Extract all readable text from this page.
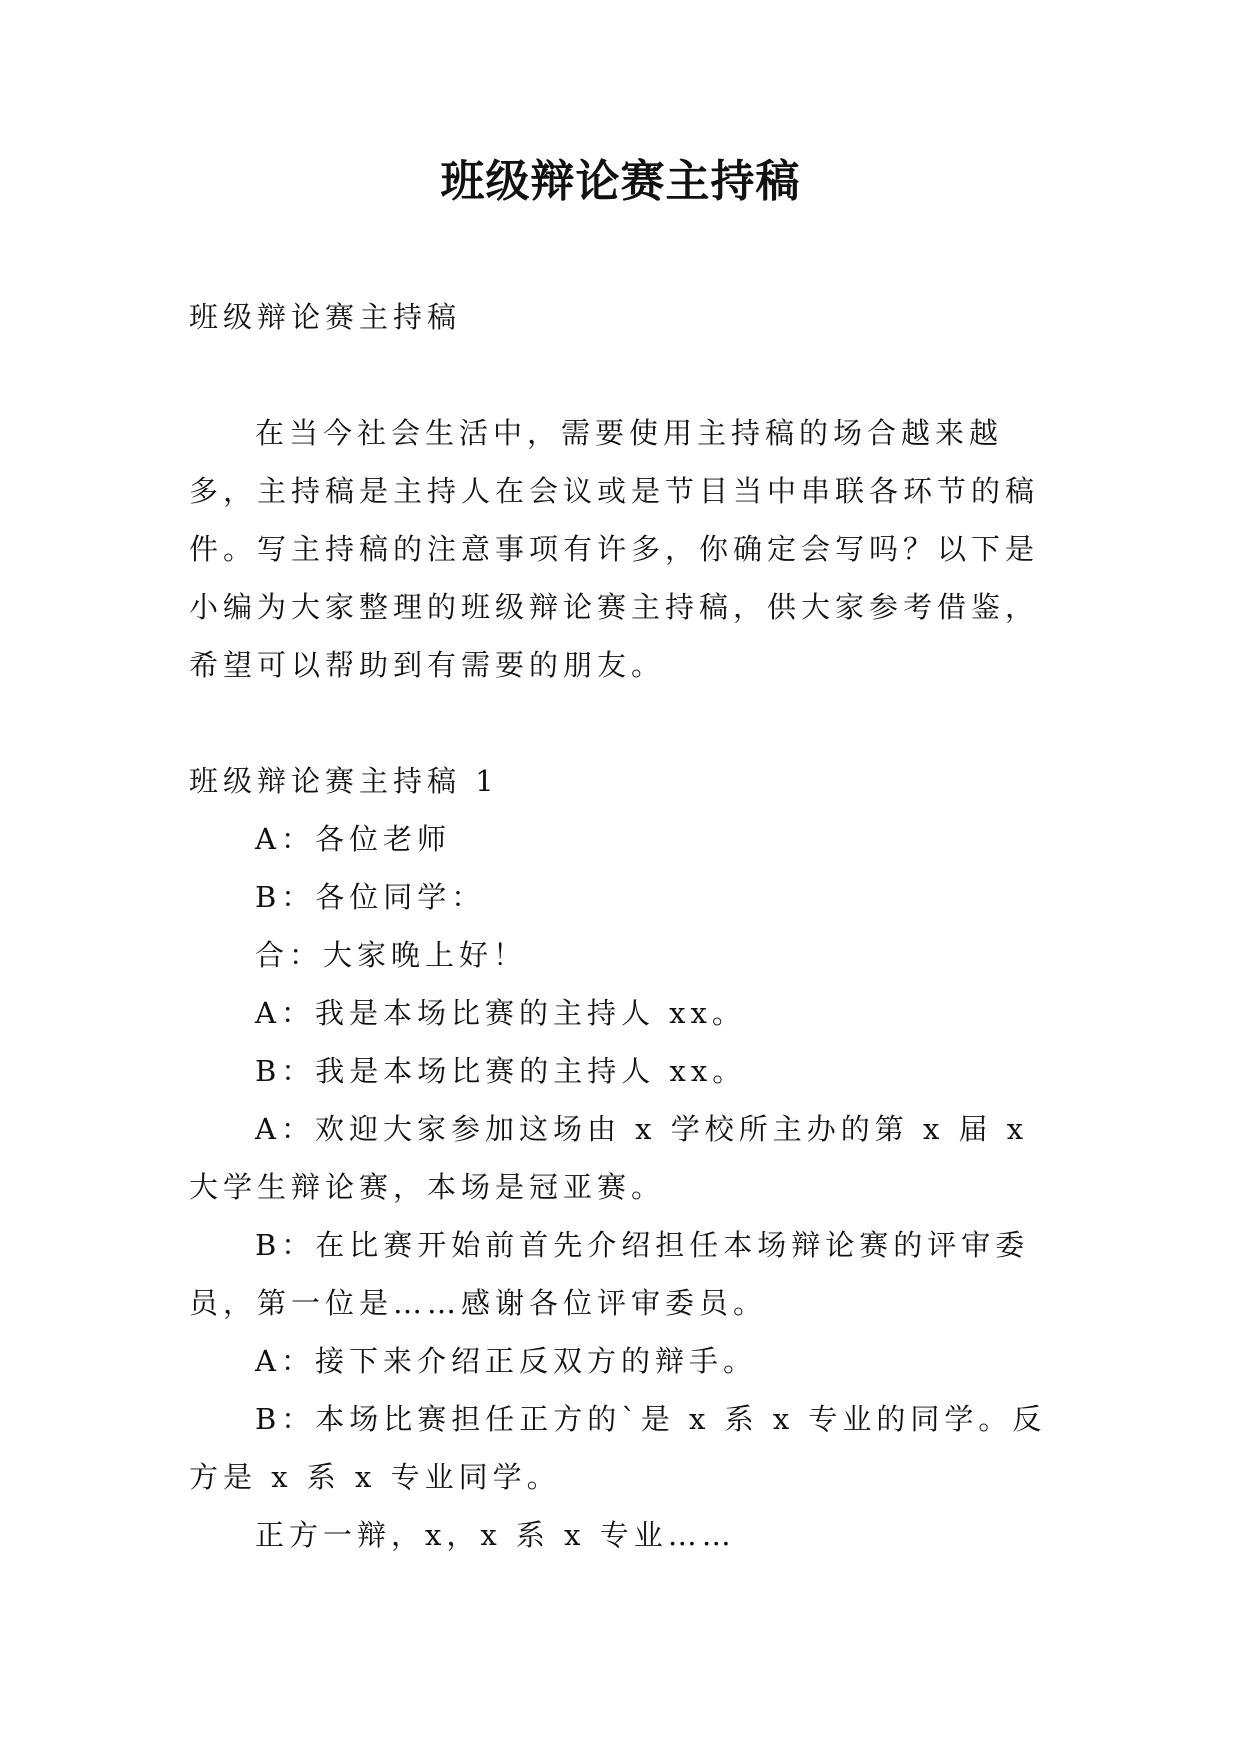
班级辩论赛主持稿

班级辩论赛主持稿

在当今社会生活中，需要使用主持稿的场合越来越多，主持稿是主持人在会议或是节目当中串联各环节的稿件。写主持稿的注意事项有许多，你确定会写吗？以下是小编为大家整理的班级辩论赛主持稿，供大家参考借鉴，希望可以帮助到有需要的朋友。

班级辩论赛主持稿 1

A：各位老师

B：各位同学：

合：大家晚上好！

A：我是本场比赛的主持人 xx。

B：我是本场比赛的主持人 xx。

A：欢迎大家参加这场由 x 学校所主办的第 x 届 x 大学生辩论赛，本场是冠亚赛。

B：在比赛开始前首先介绍担任本场辩论赛的评审委员，第一位是……感谢各位评审委员。

A：接下来介绍正反双方的辩手。

B：本场比赛担任正方的`是 x 系 x 专业的同学。反方是 x 系 x 专业同学。

正方一辩，x，x 系 x 专业……
